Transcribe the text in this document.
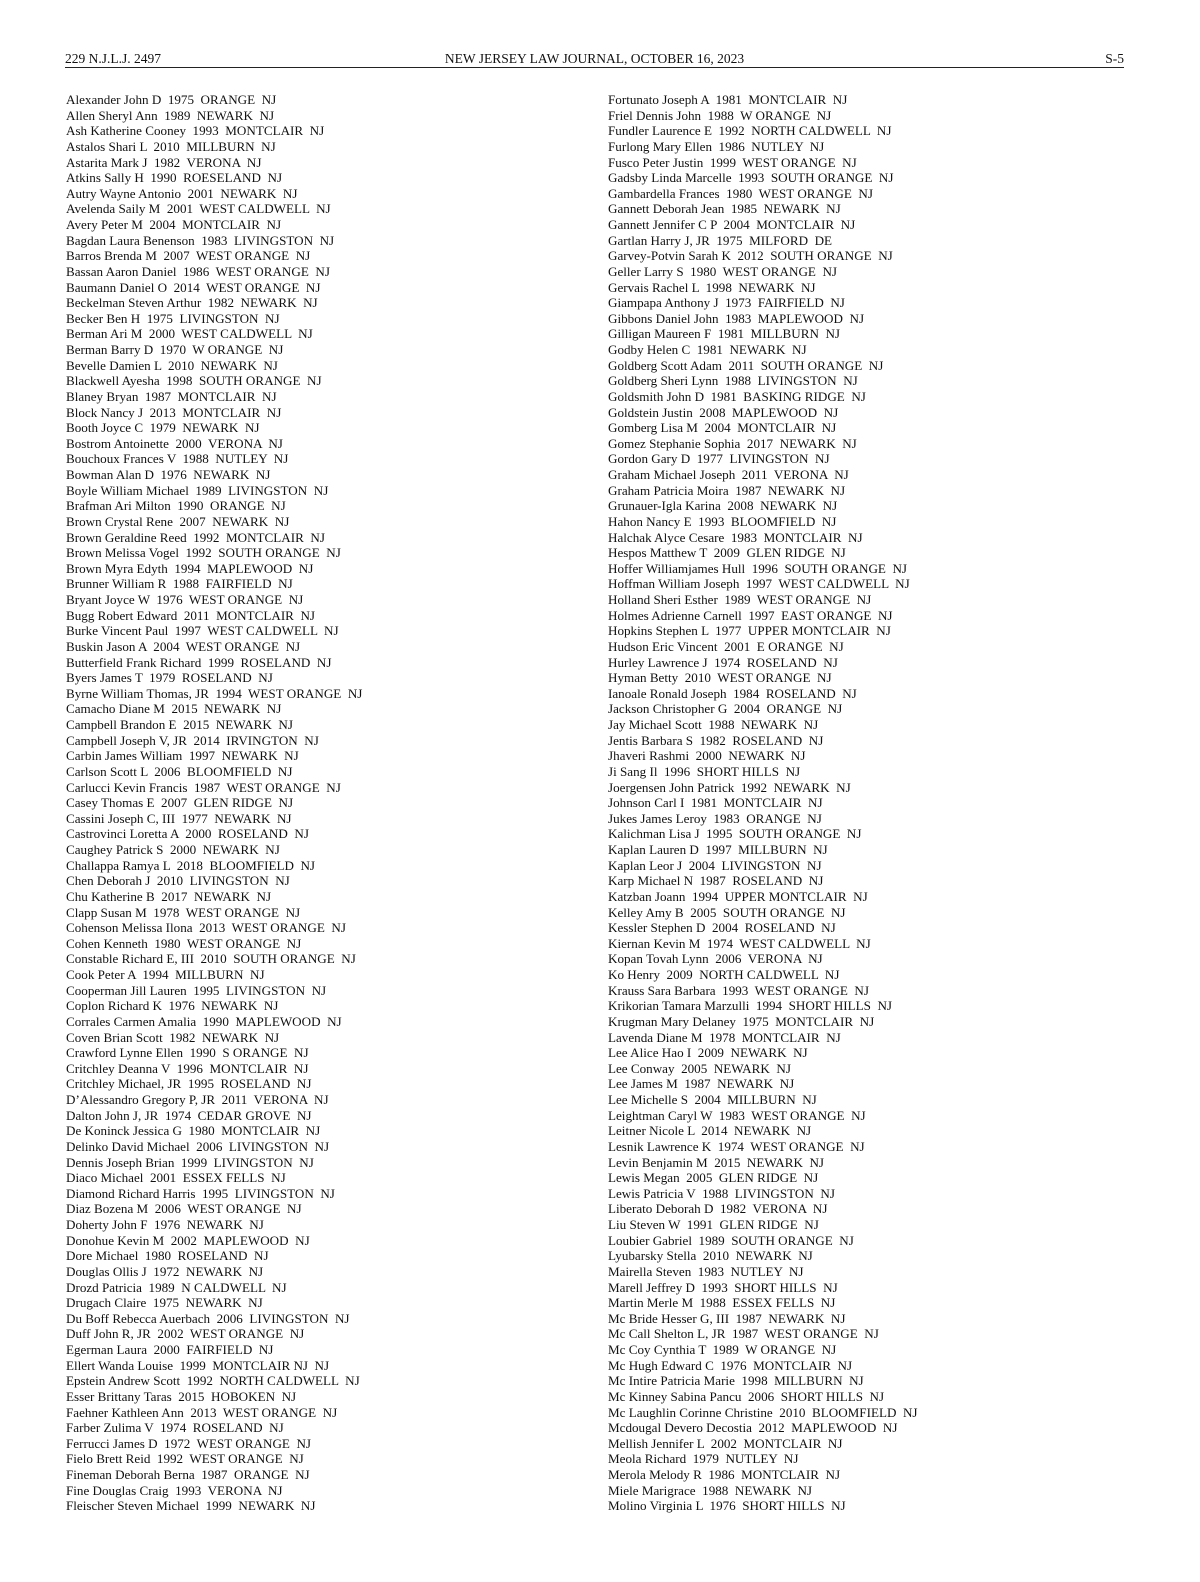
229 N.J.L.J. 2497	NEW JERSEY LAW JOURNAL, OCTOBER 16, 2023	S-5
Alexander John D  1975  ORANGE  NJ
Allen Sheryl Ann  1989  NEWARK  NJ
Ash Katherine Cooney  1993  MONTCLAIR  NJ
Astalos Shari L  2010  MILLBURN  NJ
Astarita Mark J  1982  VERONA  NJ
Atkins Sally H  1990  ROESELAND  NJ
Autry Wayne Antonio  2001  NEWARK  NJ
Avelenda Saily M  2001  WEST CALDWELL  NJ
Avery Peter M  2004  MONTCLAIR  NJ
Bagdan Laura Benenson  1983  LIVINGSTON  NJ
Barros Brenda M  2007  WEST ORANGE  NJ
Bassan Aaron Daniel  1986  WEST ORANGE  NJ
Baumann Daniel O  2014  WEST ORANGE  NJ
Beckelman Steven Arthur  1982  NEWARK  NJ
Becker Ben H  1975  LIVINGSTON  NJ
Berman Ari M  2000  WEST CALDWELL  NJ
Berman Barry D  1970  W ORANGE  NJ
Bevelle Damien L  2010  NEWARK  NJ
Blackwell Ayesha  1998  SOUTH ORANGE  NJ
Blaney Bryan  1987  MONTCLAIR  NJ
Block Nancy J  2013  MONTCLAIR  NJ
Booth Joyce C  1979  NEWARK  NJ
Bostrom Antoinette  2000  VERONA  NJ
Bouchoux Frances V  1988  NUTLEY  NJ
Bowman Alan D  1976  NEWARK  NJ
Boyle William Michael  1989  LIVINGSTON  NJ
Brafman Ari Milton  1990  ORANGE  NJ
Brown Crystal Rene  2007  NEWARK  NJ
Brown Geraldine Reed  1992  MONTCLAIR  NJ
Brown Melissa Vogel  1992  SOUTH ORANGE  NJ
Brown Myra Edyth  1994  MAPLEWOOD  NJ
Brunner William R  1988  FAIRFIELD  NJ
Bryant Joyce W  1976  WEST ORANGE  NJ
Bugg Robert Edward  2011  MONTCLAIR  NJ
Burke Vincent Paul  1997  WEST CALDWELL  NJ
Buskin Jason A  2004  WEST ORANGE  NJ
Butterfield Frank Richard  1999  ROSELAND  NJ
Byers James T  1979  ROSELAND  NJ
Byrne William Thomas, JR  1994  WEST ORANGE  NJ
Camacho Diane M  2015  NEWARK  NJ
Campbell Brandon E  2015  NEWARK  NJ
Campbell Joseph V, JR  2014  IRVINGTON  NJ
Carbin James William  1997  NEWARK  NJ
Carlson Scott L  2006  BLOOMFIELD  NJ
Carlucci Kevin Francis  1987  WEST ORANGE  NJ
Casey Thomas E  2007  GLEN RIDGE  NJ
Cassini Joseph C, III  1977  NEWARK  NJ
Castrovinci Loretta A  2000  ROSELAND  NJ
Caughey Patrick S  2000  NEWARK  NJ
Challappa Ramya L  2018  BLOOMFIELD  NJ
Chen Deborah J  2010  LIVINGSTON  NJ
Chu Katherine B  2017  NEWARK  NJ
Clapp Susan M  1978  WEST ORANGE  NJ
Cohenson Melissa Ilona  2013  WEST ORANGE  NJ
Cohen Kenneth  1980  WEST ORANGE  NJ
Constable Richard E, III  2010  SOUTH ORANGE  NJ
Cook Peter A  1994  MILLBURN  NJ
Cooperman Jill Lauren  1995  LIVINGSTON  NJ
Coplon Richard K  1976  NEWARK  NJ
Corrales Carmen Amalia  1990  MAPLEWOOD  NJ
Coven Brian Scott  1982  NEWARK  NJ
Crawford Lynne Ellen  1990  S ORANGE  NJ
Critchley Deanna V  1996  MONTCLAIR  NJ
Critchley Michael, JR  1995  ROSELAND  NJ
D’Alessandro Gregory P, JR  2011  VERONA  NJ
Dalton John J, JR  1974  CEDAR GROVE  NJ
De Koninck Jessica G  1980  MONTCLAIR  NJ
Delinko David Michael  2006  LIVINGSTON  NJ
Dennis Joseph Brian  1999  LIVINGSTON  NJ
Diaco Michael  2001  ESSEX FELLS  NJ
Diamond Richard Harris  1995  LIVINGSTON  NJ
Diaz Bozena M  2006  WEST ORANGE  NJ
Doherty John F  1976  NEWARK  NJ
Donohue Kevin M  2002  MAPLEWOOD  NJ
Dore Michael  1980  ROSELAND  NJ
Douglas Ollis J  1972  NEWARK  NJ
Drozd Patricia  1989  N CALDWELL  NJ
Drugach Claire  1975  NEWARK  NJ
Du Boff Rebecca Auerbach  2006  LIVINGSTON  NJ
Duff John R, JR  2002  WEST ORANGE  NJ
Egerman Laura  2000  FAIRFIELD  NJ
Ellert Wanda Louise  1999  MONTCLAIR NJ  NJ
Epstein Andrew Scott  1992  NORTH CALDWELL  NJ
Esser Brittany Taras  2015  HOBOKEN  NJ
Faehner Kathleen Ann  2013  WEST ORANGE  NJ
Farber Zulima V  1974  ROSELAND  NJ
Ferrucci James D  1972  WEST ORANGE  NJ
Fielo Brett Reid  1992  WEST ORANGE  NJ
Fineman Deborah Berna  1987  ORANGE  NJ
Fine Douglas Craig  1993  VERONA  NJ
Fleischer Steven Michael  1999  NEWARK  NJ
Fortunato Joseph A  1981  MONTCLAIR  NJ
Friel Dennis John  1988  W ORANGE  NJ
Fundler Laurence E  1992  NORTH CALDWELL  NJ
Furlong Mary Ellen  1986  NUTLEY  NJ
Fusco Peter Justin  1999  WEST ORANGE  NJ
Gadsby Linda Marcelle  1993  SOUTH ORANGE  NJ
Gambardella Frances  1980  WEST ORANGE  NJ
Gannett Deborah Jean  1985  NEWARK  NJ
Gannett Jennifer C P  2004  MONTCLAIR  NJ
Gartlan Harry J, JR  1975  MILFORD  DE
Garvey-Potvin Sarah K  2012  SOUTH ORANGE  NJ
Geller Larry S  1980  WEST ORANGE  NJ
Gervais Rachel L  1998  NEWARK  NJ
Giampapa Anthony J  1973  FAIRFIELD  NJ
Gibbons Daniel John  1983  MAPLEWOOD  NJ
Gilligan Maureen F  1981  MILLBURN  NJ
Godby Helen C  1981  NEWARK  NJ
Goldberg Scott Adam  2011  SOUTH ORANGE  NJ
Goldberg Sheri Lynn  1988  LIVINGSTON  NJ
Goldsmith John D  1981  BASKING RIDGE  NJ
Goldstein Justin  2008  MAPLEWOOD  NJ
Gomberg Lisa M  2004  MONTCLAIR  NJ
Gomez Stephanie Sophia  2017  NEWARK  NJ
Gordon Gary D  1977  LIVINGSTON  NJ
Graham Michael Joseph  2011  VERONA  NJ
Graham Patricia Moira  1987  NEWARK  NJ
Grunauer-Igla Karina  2008  NEWARK  NJ
Hahon Nancy E  1993  BLOOMFIELD  NJ
Halchak Alyce Cesare  1983  MONTCLAIR  NJ
Hespos Matthew T  2009  GLEN RIDGE  NJ
Hoffer Williamjames Hull  1996  SOUTH ORANGE  NJ
Hoffman William Joseph  1997  WEST CALDWELL  NJ
Holland Sheri Esther  1989  WEST ORANGE  NJ
Holmes Adrienne Carnell  1997  EAST ORANGE  NJ
Hopkins Stephen L  1977  UPPER MONTCLAIR  NJ
Hudson Eric Vincent  2001  E ORANGE  NJ
Hurley Lawrence J  1974  ROSELAND  NJ
Hyman Betty  2010  WEST ORANGE  NJ
Ianoale Ronald Joseph  1984  ROSELAND  NJ
Jackson Christopher G  2004  ORANGE  NJ
Jay Michael Scott  1988  NEWARK  NJ
Jentis Barbara S  1982  ROSELAND  NJ
Jhaveri Rashmi  2000  NEWARK  NJ
Ji Sang Il  1996  SHORT HILLS  NJ
Joergensen John Patrick  1992  NEWARK  NJ
Johnson Carl I  1981  MONTCLAIR  NJ
Jukes James Leroy  1983  ORANGE  NJ
Kalichman Lisa J  1995  SOUTH ORANGE  NJ
Kaplan Lauren D  1997  MILLBURN  NJ
Kaplan Leor J  2004  LIVINGSTON  NJ
Karp Michael N  1987  ROSELAND  NJ
Katzban Joann  1994  UPPER MONTCLAIR  NJ
Kelley Amy B  2005  SOUTH ORANGE  NJ
Kessler Stephen D  2004  ROSELAND  NJ
Kiernan Kevin M  1974  WEST CALDWELL  NJ
Kopan Tovah Lynn  2006  VERONA  NJ
Ko Henry  2009  NORTH CALDWELL  NJ
Krauss Sara Barbara  1993  WEST ORANGE  NJ
Krikorian Tamara Marzulli  1994  SHORT HILLS  NJ
Krugman Mary Delaney  1975  MONTCLAIR  NJ
Lavenda Diane M  1978  MONTCLAIR  NJ
Lee Alice Hao I  2009  NEWARK  NJ
Lee Conway  2005  NEWARK  NJ
Lee James M  1987  NEWARK  NJ
Lee Michelle S  2004  MILLBURN  NJ
Leightman Caryl W  1983  WEST ORANGE  NJ
Leitner Nicole L  2014  NEWARK  NJ
Lesnik Lawrence K  1974  WEST ORANGE  NJ
Levin Benjamin M  2015  NEWARK  NJ
Lewis Megan  2005  GLEN RIDGE  NJ
Lewis Patricia V  1988  LIVINGSTON  NJ
Liberato Deborah D  1982  VERONA  NJ
Liu Steven W  1991  GLEN RIDGE  NJ
Loubier Gabriel  1989  SOUTH ORANGE  NJ
Lyubarsky Stella  2010  NEWARK  NJ
Mairella Steven  1983  NUTLEY  NJ
Marell Jeffrey D  1993  SHORT HILLS  NJ
Martin Merle M  1988  ESSEX FELLS  NJ
Mc Bride Hesser G, III  1987  NEWARK  NJ
Mc Call Shelton L, JR  1987  WEST ORANGE  NJ
Mc Coy Cynthia T  1989  W ORANGE  NJ
Mc Hugh Edward C  1976  MONTCLAIR  NJ
Mc Intire Patricia Marie  1998  MILLBURN  NJ
Mc Kinney Sabina Pancu  2006  SHORT HILLS  NJ
Mc Laughlin Corinne Christine  2010  BLOOMFIELD  NJ
Mcdougal Devero Decostia  2012  MAPLEWOOD  NJ
Mellish Jennifer L  2002  MONTCLAIR  NJ
Meola Richard  1979  NUTLEY  NJ
Merola Melody R  1986  MONTCLAIR  NJ
Miele Marigrace  1988  NEWARK  NJ
Molino Virginia L  1976  SHORT HILLS  NJ
